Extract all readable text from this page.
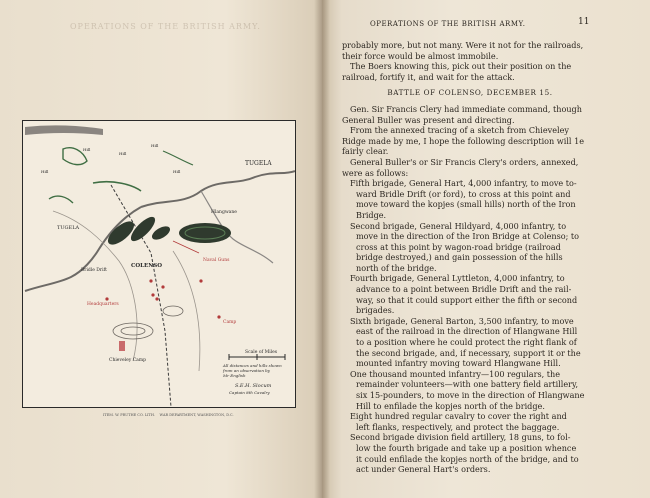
OPERATIONS OF THE BRITISH ARMY.
TUGELA
TUGELA
COLENSO
Bridle Drift
Hlangwane
Naval Guns
Camp
Headquarters
Chieveley Camp
Hill
Hill
Hill
Hill	Hill
Scale of Miles
All distances and hills shown
from an observation by
Mr English
S.E.H. Slocum
Captain 8th Cavalry
ITEM. W. PRUTHE CO. LITH. WAR DEPARTMENT, WASHINGTON, D.C.
OPERATIONS OF THE BRITISH ARMY.	11

probably more, but not many. Were it not for the railroads,
their force would be almost immobile.

The Boers knowing this, pick out their position on the
railroad, fortify it, and wait for the attack.

BATTLE OF COLENSO, DECEMBER 15.

Gen. Sir Francis Clery had immediate command, though
General Buller was present and directing.

From the annexed tracing of a sketch from Chieveley
Ridge made by me, I hope the following description will 1e
fairly clear.

General Buller's or Sir Francis Clery's orders, annexed,
were as follows:

Fifth brigade, General Hart, 4,000 infantry, to move to-
ward Bridle Drift (or ford), to cross at this point and
move toward the kopjes (small hills) north of the Iron
Bridge.

Second brigade, General Hildyard, 4,000 infantry, to
move in the direction of the Iron Bridge at Colenso; to
cross at this point by wagon-road bridge (railroad
bridge destroyed,) and gain possession of the hills
north of the bridge.

Fourth brigade, General Lyttleton, 4,000 infantry, to
advance to a point between Bridle Drift and the rail-
way, so that it could support either the fifth or second
brigades.

Sixth brigade, General Barton, 3,500 infantry, to move
east of the railroad in the direction of Hlangwane Hill
to a position where he could protect the right flank of
the second brigade, and, if necessary, support it or the
mounted infantry moving toward Hlangwane Hill.

One thousand mounted infantry—100 regulars, the
remainder volunteers—with one battery field artillery,
six 15-pounders, to move in the direction of Hlangwane
Hill to enfilade the kopjes north of the bridge.

Eight hundred regular cavalry to cover the right and
left flanks, respectively, and protect the baggage.

Second brigade division field artillery, 18 guns, to fol-
low the fourth brigade and take up a position whence
it could enfilade the kopjes north of the bridge, and to
act under General Hart's orders.
